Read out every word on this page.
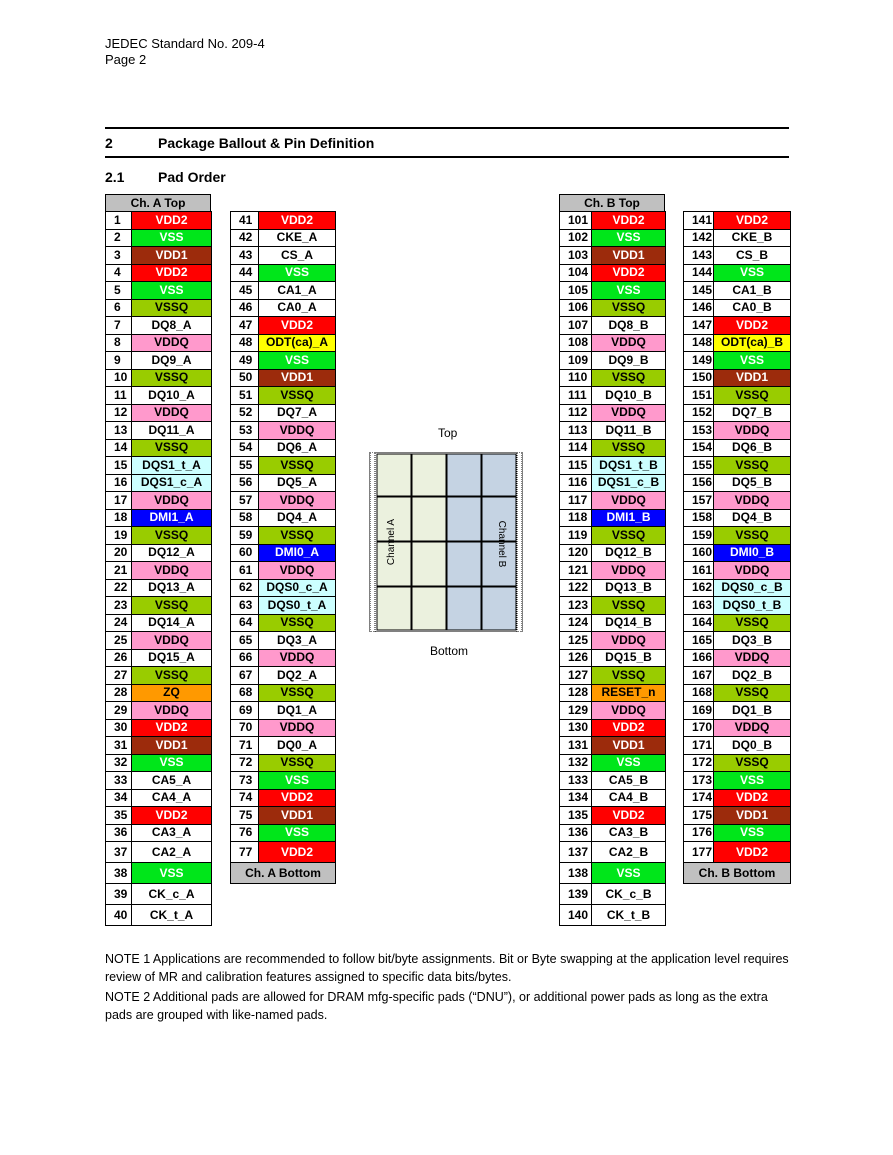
JEDEC Standard No. 209-4
Page 2
2	Package Ballout & Pin Definition
2.1 Pad Order
Ch. A Top	Ch. B Top
1	VDD2
2	VSS
3	VDD1
4	VDD2
5	VSS
6	VSSQ
7	DQ8_A
8	VDDQ
9	DQ9_A
10	VSSQ
11	DQ10_A
12	VDDQ
13	DQ11_A
14	VSSQ
15	DQS1_t_A
16	DQS1_c_A
17	VDDQ
18	DMI1_A
19	VSSQ
20	DQ12_A
21	VDDQ
22	DQ13_A
23	VSSQ
24	DQ14_A
25	VDDQ
26	DQ15_A
27	VSSQ
28	ZQ
29	VDDQ
30	VDD2
31	VDD1
32	VSS
33	CA5_A
34	CA4_A
35	VDD2
36	CA3_A
37	CA2_A
38	VSS
39	CK_c_A
40	CK_t_A
41	VDD2
42	CKE_A
43	CS_A
44	VSS
45	CA1_A
46	CA0_A
47	VDD2
48	ODT(ca)_A
49	VSS
50	VDD1
51	VSSQ
52	DQ7_A
53	VDDQ
54	DQ6_A
55	VSSQ
56	DQ5_A
57	VDDQ
58	DQ4_A
59	VSSQ
60	DMI0_A
61	VDDQ
62	DQS0_c_A
63	DQS0_t_A
64	VSSQ
65	DQ3_A
66	VDDQ
67	DQ2_A
68	VSSQ
69	DQ1_A
70	VDDQ
71	DQ0_A
72	VSSQ
73	VSS
74	VDD2
75	VDD1
76	VSS
77	VDD2
Ch. A Bottom	
101	VDD2
102	VSS
103	VDD1
104	VDD2
105	VSS
106	VSSQ
107	DQ8_B
108	VDDQ
109	DQ9_B
110	VSSQ
111	DQ10_B
112	VDDQ
113	DQ11_B
114	VSSQ
115	DQS1_t_B
116	DQS1_c_B
117	VDDQ
118	DMI1_B
119	VSSQ
120	DQ12_B
121	VDDQ
122	DQ13_B
123	VSSQ
124	DQ14_B
125	VDDQ
126	DQ15_B
127	VSSQ
128	RESET_n
129	VDDQ
130	VDD2
131	VDD1
132	VSS
133	CA5_B
134	CA4_B
135	VDD2
136	CA3_B
137	CA2_B
138	VSS
139	CK_c_B
140	CK_t_B
141	VDD2
142	CKE_B
143	CS_B
144	VSS
145	CA1_B
146	CA0_B
147	VDD2
148	ODT(ca)_B
149	VSS
150	VDD1
151	VSSQ
152	DQ7_B
153	VDDQ
154	DQ6_B
155	VSSQ
156	DQ5_B
157	VDDQ
158	DQ4_B
159	VSSQ
160	DMI0_B
161	VDDQ
162	DQS0_c_B
163	DQS0_t_B
164	VSSQ
165	DQ3_B
166	VDDQ
167	DQ2_B
168	VSSQ
169	DQ1_B
170	VDDQ
171	DQ0_B
172	VSSQ
173	VSS
174	VDD2
175	VDD1
176	VSS
177	VDD2
Ch. B Bottom	
Top
Channel A	Channel B
Bottom
NOTE 1 Applications are recommended to follow bit/byte assignments. Bit or Byte swapping at the application level requires review of MR and calibration features assigned to specific data bits/bytes.
NOTE 2 Additional pads are allowed for DRAM mfg-specific pads (“DNU”), or additional power pads as long as the extra pads are grouped with like-named pads.
